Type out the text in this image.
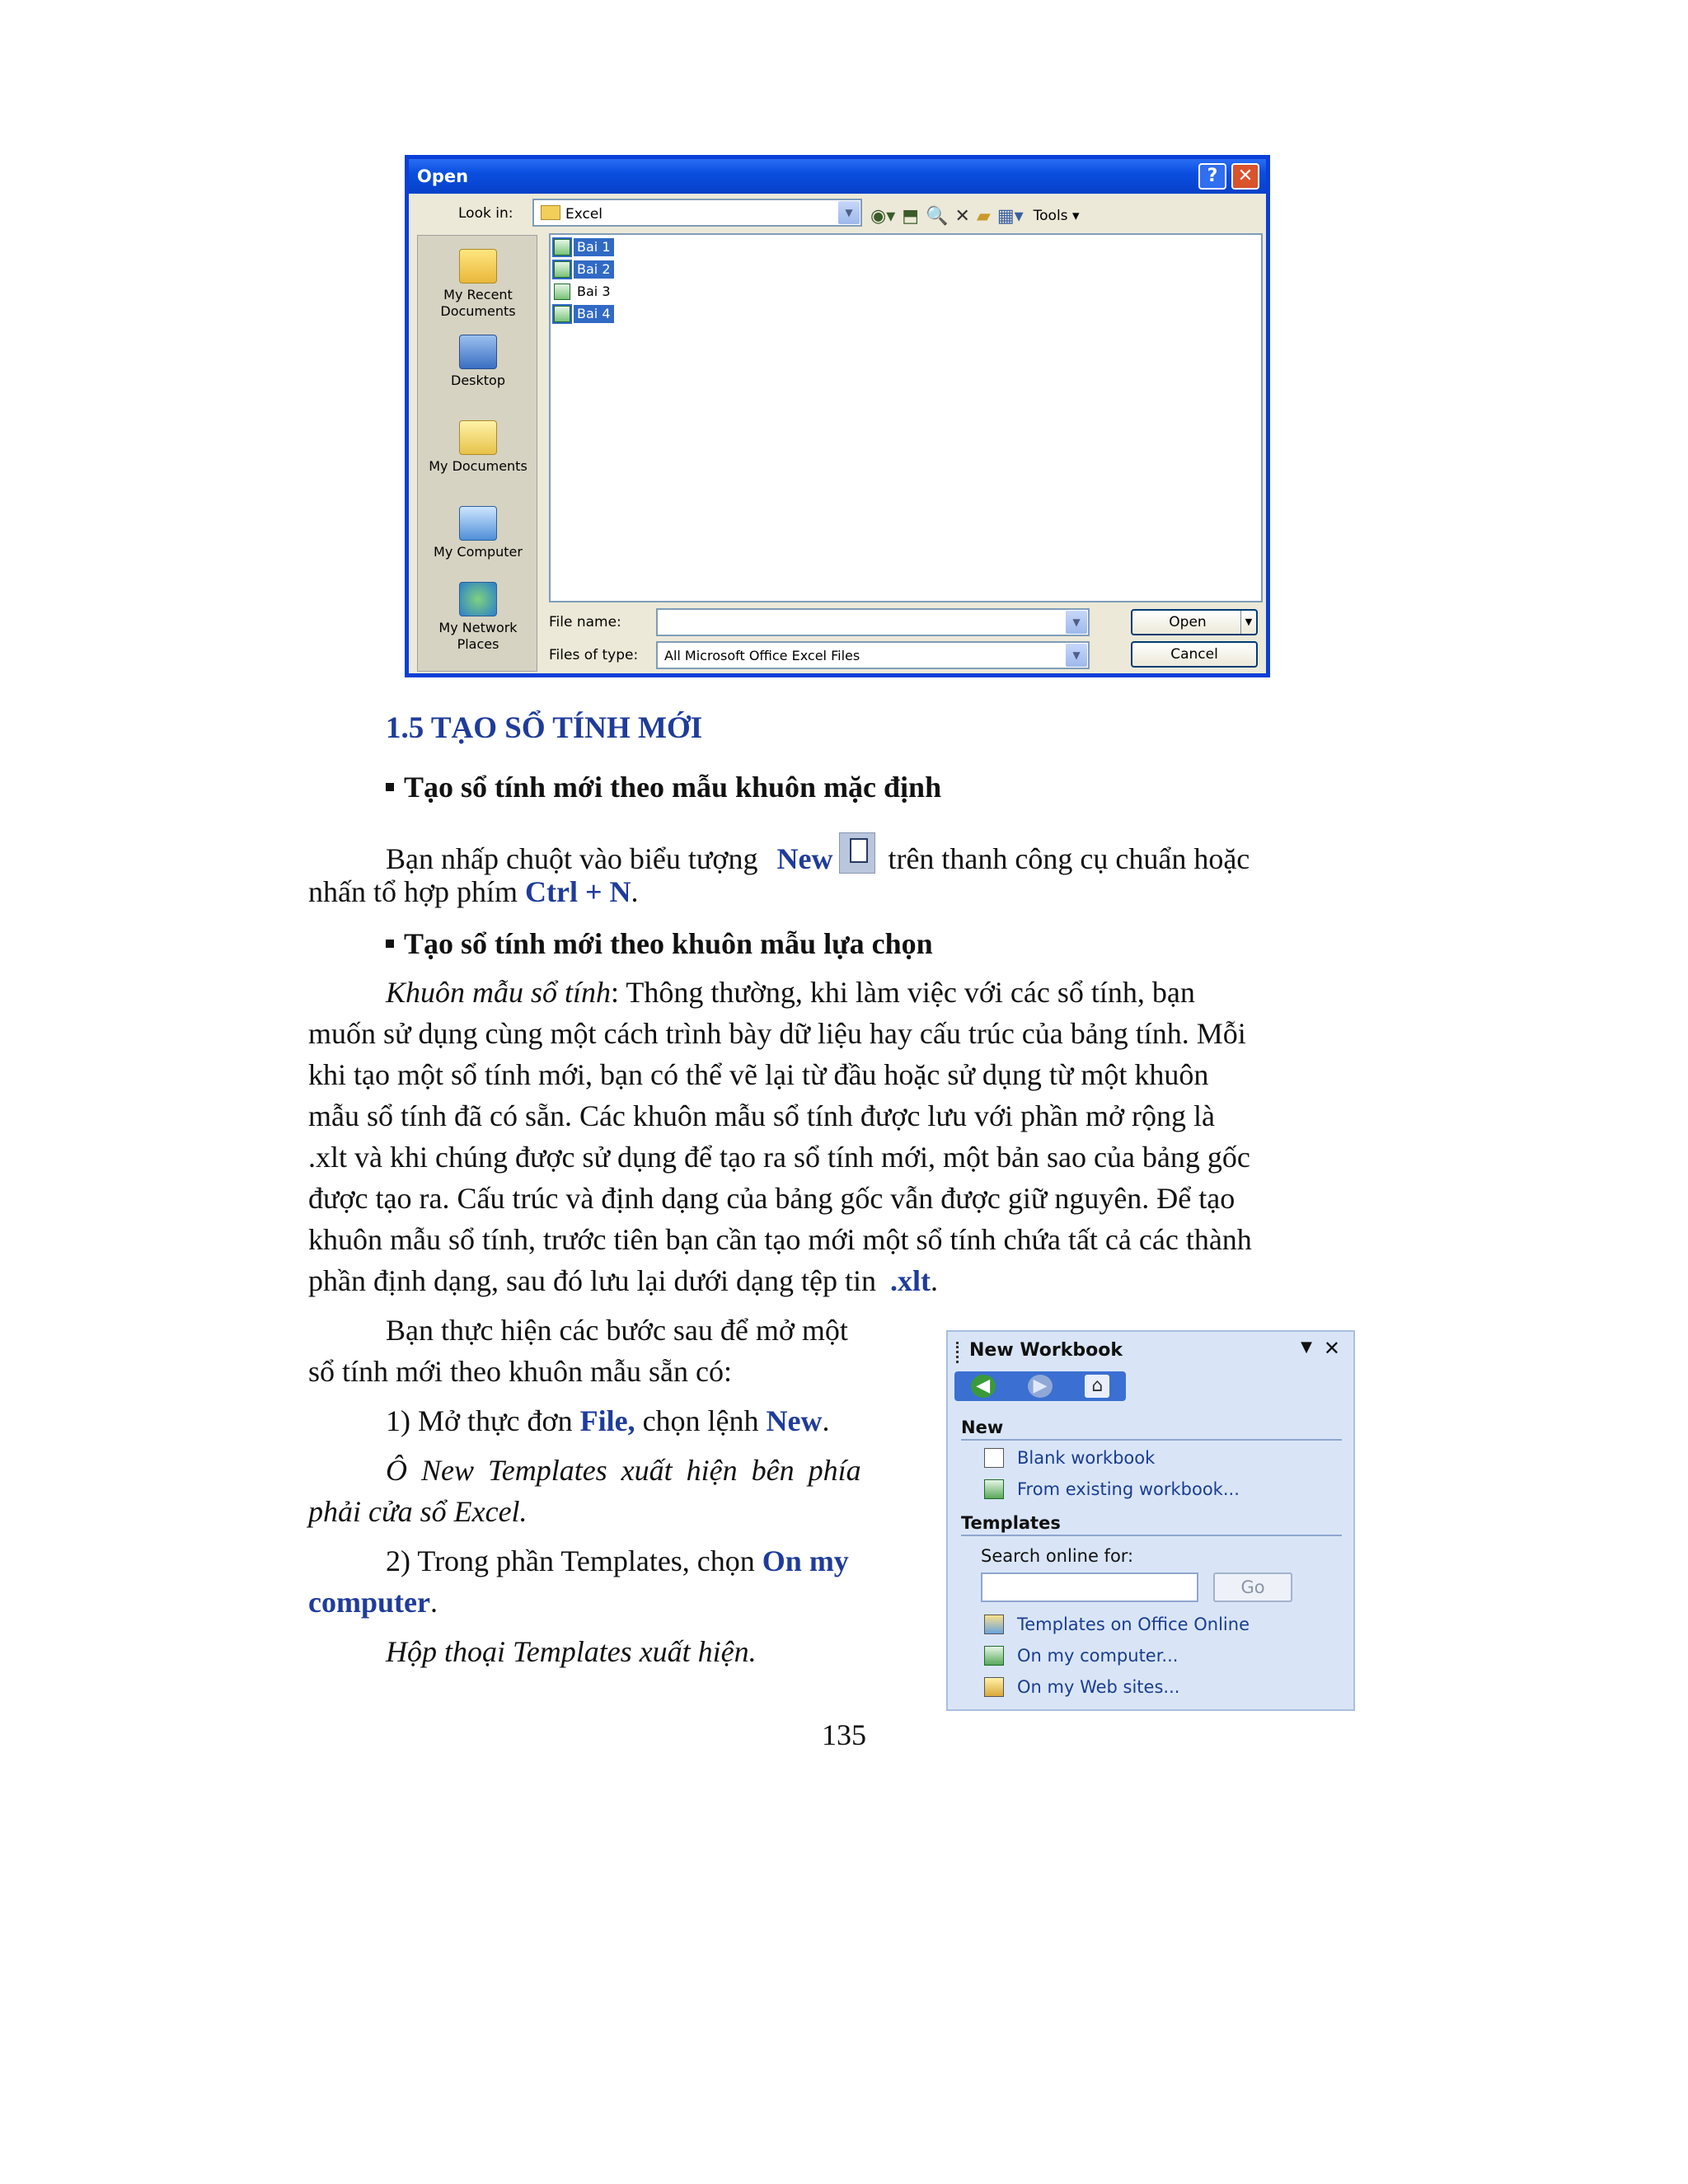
Open	?	✕
Look in:	Excel	▼ ◉▾ ⬒ 🔍 ✕ ▰ ▦▾ Tools ▾
My Recent
Documents
Desktop
My Documents
My Computer
My Network
Places
Bai 1
Bai 2
Bai 3
Bai 4
File name:	▼
Files of type: All Microsoft Office Excel Files	▼
Open	▼
Cancel
1.5 TẠO SỔ TÍNH MỚI
Tạo sổ tính mới theo mẫu khuôn mặc định
Bạn nhấp chuột vào biểu tượng New trên thanh công cụ chuẩn hoặc
nhấn tổ hợp phím Ctrl + N.
Tạo sổ tính mới theo khuôn mẫu lựa chọn
Khuôn mẫu sổ tính: Thông thường, khi làm việc với các sổ tính, bạn
muốn sử dụng cùng một cách trình bày dữ liệu hay cấu trúc của bảng tính. Mỗi
khi tạo một sổ tính mới, bạn có thể vẽ lại từ đầu hoặc sử dụng từ một khuôn
mẫu sổ tính đã có sẵn. Các khuôn mẫu sổ tính được lưu với phần mở rộng là
.xlt và khi chúng được sử dụng để tạo ra sổ tính mới, một bản sao của bảng gốc
được tạo ra. Cấu trúc và định dạng của bảng gốc vẫn được giữ nguyên. Để tạo
khuôn mẫu sổ tính, trước tiên bạn cần tạo mới một sổ tính chứa tất cả các thành
phần định dạng, sau đó lưu lại dưới dạng tệp tin .xlt.
Bạn thực hiện các bước sau để mở một
sổ tính mới theo khuôn mẫu sẵn có:
1) Mở thực đơn File, chọn lệnh New.
Ô New Templates xuất hiện bên phía
phải cửa sổ Excel.
2) Trong phần Templates, chọn On my
computer.
Hộp thoại Templates xuất hiện.
New Workbook	▼ ✕
◀ ▶	⌂
New
Blank workbook
From existing workbook...
Templates
Search online for:
Go
Templates on Office Online
On my computer...
On my Web sites...
135
